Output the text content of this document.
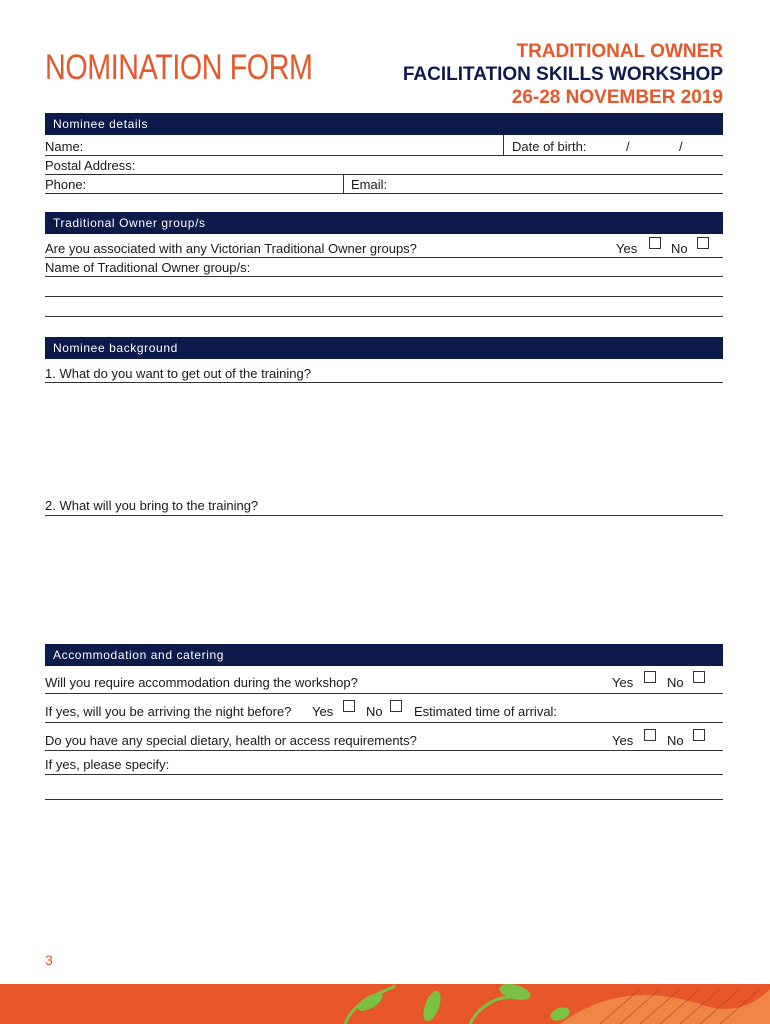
NOMINATION FORM	TRADITIONAL OWNER
FACILITATION SKILLS WORKSHOP
26-28 NOVEMBER 2019
Nominee details
Name:	Date of birth:	/	/
Postal Address:
Phone:	Email:
Traditional Owner group/s
Are you associated with any Victorian Traditional Owner groups?	Yes	No
Name of Traditional Owner group/s:
Nominee background
1. What do you want to get out of the training?
2. What will you bring to the training?
Accommodation and catering
Will you require accommodation during the workshop?	Yes	No
If yes, will you be arriving the night before? Yes	No Estimated time of arrival:
Do you have any special dietary, health or access requirements?	Yes	No
If yes, please specify:
3
